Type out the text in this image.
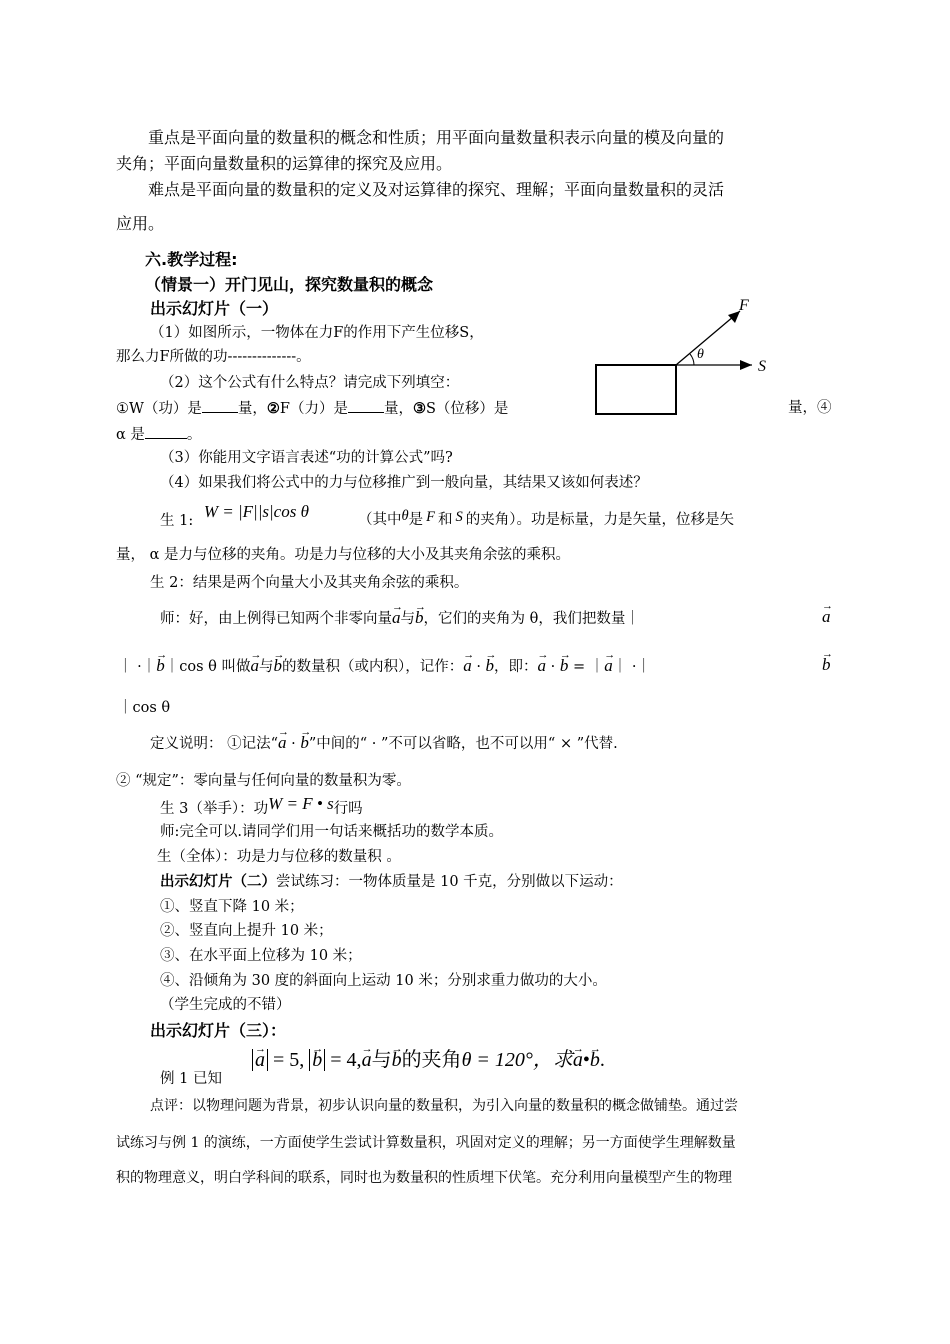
重点是平面向量的数量积的概念和性质；用平面向量数量积表示向量的模及向量的
夹角；平面向量数量积的运算律的探究及应用。
难点是平面向量的数量积的定义及对运算律的探究、理解；平面向量数量积的灵活
应用。
六.教学过程:
（情景一）开门见山，探究数量积的概念
出示幻灯片（一）
（1）如图所示，一物体在力F的作用下产生位移S，
那么力F所做的功--------------。
（2）这个公式有什么特点？请完成下列填空：
①W（功）是 量，②F（力）是 量，③S（位移）是	量，④
α 是	。
F
S
θ
（3）你能用文字语言表述“功的计算公式”吗?
（4）如果我们将公式中的力与位移推广到一般向量，其结果又该如何表述？
生 1: W = |F||s|cos θ	（其中θ是 F 和 S 的夹角）。功是标量，力是矢量，位移是矢
量， α 是力与位移的夹角。功是力与位移的大小及其夹角余弦的乘积。
生 2：结果是两个向量大小及其夹角余弦的乘积。
师：好，由上例得已知两个非零向量→ a与→ b，它们的夹角为 θ，我们把数量｜	→ a
｜ ·｜→ b｜cos θ 叫做→ a与→ b的数量积（或内积），记作：→ a · → b，即：→ a · → b = ｜→ a｜ ·｜	→ b
｜cos θ
定义说明： ①记法“→ a · → b”中间的“ · ”不可以省略，也不可以用“ × ”代替.
② “规定”：零向量与任何向量的数量积为零。
生 3（举手）：功W = F • s行吗
师:完全可以.请同学们用一句话来概括功的数学本质。
生（全体）：功是力与位移的数量积 。
出示幻灯片（二）尝试练习：一物体质量是 10 千克，分别做以下运动：
①、竖直下降 10 米；
②、竖直向上提升 10 米；
③、在水平面上位移为 10 米；
④、沿倾角为 30 度的斜面向上运动 10 米；分别求重力做功的大小。
（学生完成的不错）
出示幻灯片（三）：
例 1 已知
→ a = 5, → b = 4,→ a与→ b的夹角θ = 120°，求→ a•→ b.
点评：以物理问题为背景，初步认识向量的数量积，为引入向量的数量积的概念做铺垫。通过尝
试练习与例 1 的演练，一方面使学生尝试计算数量积，巩固对定义的理解；另一方面使学生理解数量
积的物理意义，明白学科间的联系，同时也为数量积的性质埋下伏笔。充分利用向量模型产生的物理
